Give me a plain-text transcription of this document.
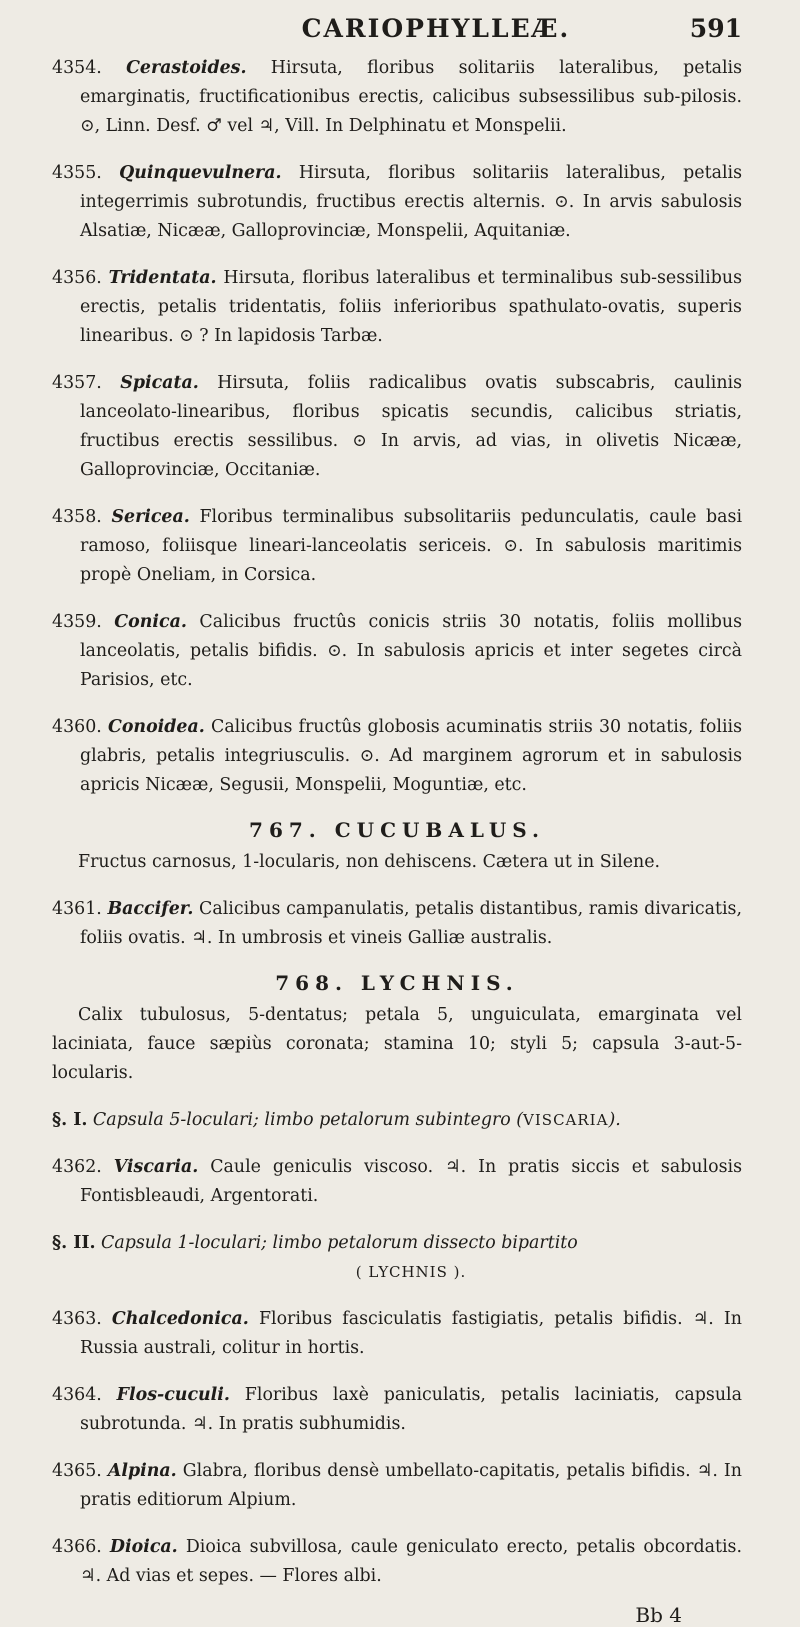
CARIOPHYLLEÆ.	591

4354. Cerastoides. Hirsuta, floribus solitariis lateralibus, petalis emarginatis, fructificationibus erectis, calicibus subsessilibus sub-pilosis. ⊙, Linn. Desf. ♂ vel ♃, Vill. In Delphinatu et Monspelii.

4355. Quinquevulnera. Hirsuta, floribus solitariis lateralibus, petalis integerrimis subrotundis, fructibus erectis alternis. ⊙. In arvis sabulosis Alsatiæ, Nicææ, Galloprovinciæ, Monspelii, Aquitaniæ.

4356. Tridentata. Hirsuta, floribus lateralibus et terminalibus sub-sessilibus erectis, petalis tridentatis, foliis inferioribus spathulato-ovatis, superis linearibus. ⊙ ? In lapidosis Tarbæ.

4357. Spicata. Hirsuta, foliis radicalibus ovatis subscabris, caulinis lanceolato-linearibus, floribus spicatis secundis, calicibus striatis, fructibus erectis sessilibus. ⊙ In arvis, ad vias, in olivetis Nicææ, Galloprovinciæ, Occitaniæ.

4358. Sericea. Floribus terminalibus subsolitariis pedunculatis, caule basi ramoso, foliisque lineari-lanceolatis sericeis. ⊙. In sabulosis maritimis propè Oneliam, in Corsica.

4359. Conica. Calicibus fructûs conicis striis 30 notatis, foliis mollibus lanceolatis, petalis bifidis. ⊙. In sabulosis apricis et inter segetes circà Parisios, etc.

4360. Conoidea. Calicibus fructûs globosis acuminatis striis 30 notatis, foliis glabris, petalis integriusculis. ⊙. Ad marginem agrorum et in sabulosis apricis Nicææ, Segusii, Monspelii, Moguntiæ, etc.

767. CUCUBALUS.

Fructus carnosus, 1-locularis, non dehiscens. Cætera ut in Silene.

4361. Baccifer. Calicibus campanulatis, petalis distantibus, ramis divaricatis, foliis ovatis. ♃. In umbrosis et vineis Galliæ australis.

768. LYCHNIS.

Calix tubulosus, 5-dentatus; petala 5, unguiculata, emarginata vel laciniata, fauce sæpiùs coronata; stamina 10; styli 5; capsula 3-aut-5-locularis.

§. I. Capsula 5-loculari; limbo petalorum subintegro (VISCARIA).

4362. Viscaria. Caule geniculis viscoso. ♃. In pratis siccis et sabulosis Fontisbleaudi, Argentorati.

§. II. Capsula 1-loculari; limbo petalorum dissecto bipartito
( LYCHNIS ).

4363. Chalcedonica. Floribus fasciculatis fastigiatis, petalis bifidis. ♃. In Russia australi, colitur in hortis.

4364. Flos-cuculi. Floribus laxè paniculatis, petalis laciniatis, capsula subrotunda. ♃. In pratis subhumidis.

4365. Alpina. Glabra, floribus densè umbellato-capitatis, petalis bifidis. ♃. In pratis editiorum Alpium.

4366. Dioica. Dioica subvillosa, caule geniculato erecto, petalis obcordatis. ♃. Ad vias et sepes. — Flores albi.

Bb 4
